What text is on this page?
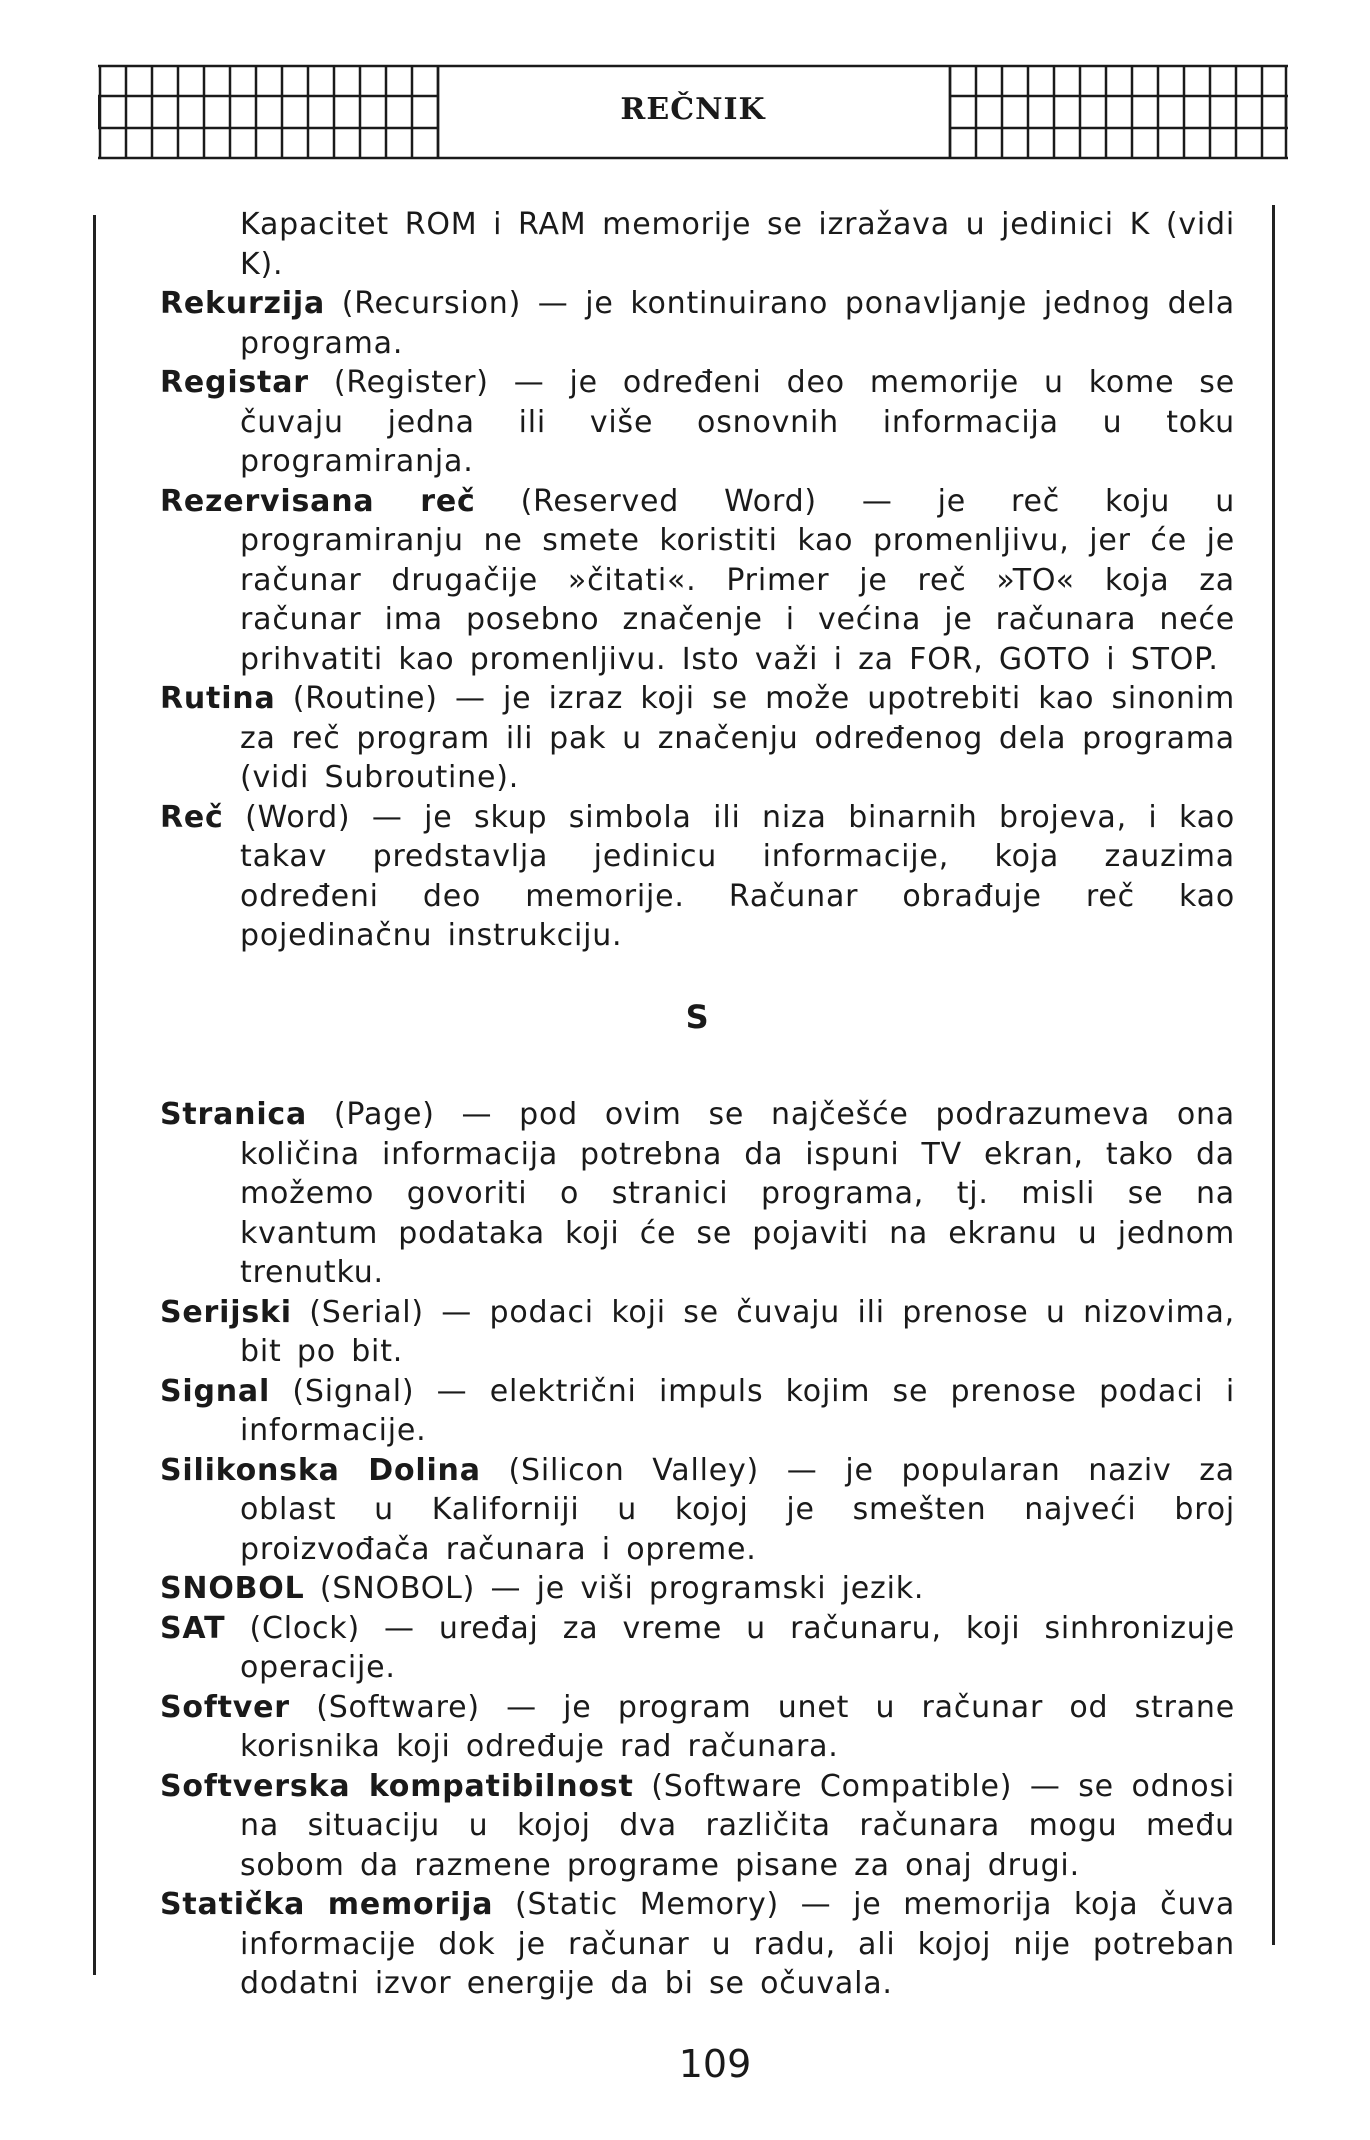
REČNIK

Kapacitet ROM i RAM memorije se izražava u jedinici K (vidi K).

Rekurzija (Recursion) — je kontinuirano ponavljanje jednog dela programa.

Registar (Register) — je određeni deo memorije u kome se čuvaju jedna ili više osnovnih informacija u toku programiranja.

Rezervisana reč (Reserved Word) — je reč koju u programiranju ne smete koristiti kao promenljivu, jer će je računar drugačije »čitati«. Primer je reč »TO« koja za računar ima posebno značenje i većina je računara neće prihvatiti kao promenljivu. Isto važi i za FOR, GOTO i STOP.

Rutina (Routine) — je izraz koji se može upotrebiti kao sinonim za reč program ili pak u značenju određenog dela programa (vidi Subroutine).

Reč (Word) — je skup simbola ili niza binarnih brojeva, i kao takav predstavlja jedinicu informacije, koja zauzima određeni deo memorije. Računar obrađuje reč kao pojedinačnu instrukciju.

S

Stranica (Page) — pod ovim se najčešće podrazumeva ona količina informacija potrebna da ispuni TV ekran, tako da možemo govoriti o stranici programa, tj. misli se na kvantum podataka koji će se pojaviti na ekranu u jednom trenutku.

Serijski (Serial) — podaci koji se čuvaju ili prenose u nizovima, bit po bit.

Signal (Signal) — električni impuls kojim se prenose podaci i informacije.

Silikonska Dolina (Silicon Valley) — je popularan naziv za oblast u Kaliforniji u kojoj je smešten najveći broj proizvođača računara i opreme.

SNOBOL (SNOBOL) — je viši programski jezik.

SAT (Clock) — uređaj za vreme u računaru, koji sinhronizuje operacije.

Softver (Software) — je program unet u računar od strane korisnika koji određuje rad računara.

Softverska kompatibilnost (Software Compatible) — se odnosi na situaciju u kojoj dva različita računara mogu među sobom da razmene programe pisane za onaj drugi.

Statička memorija (Static Memory) — je memorija koja čuva informacije dok je računar u radu, ali kojoj nije potreban dodatni izvor energije da bi se očuvala.

109
